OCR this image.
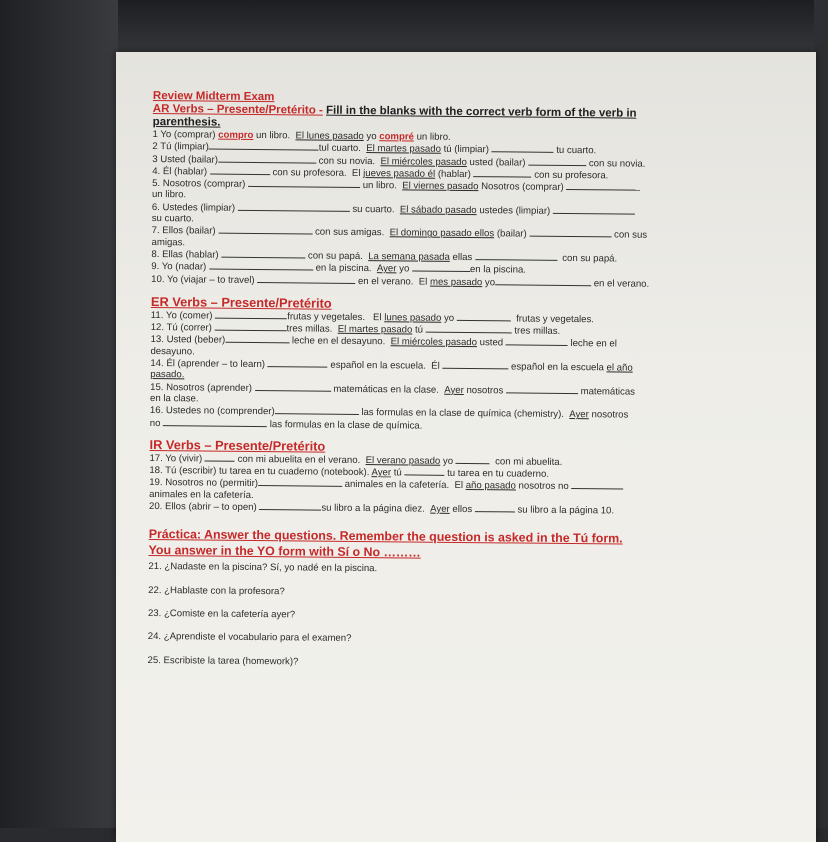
Review Midterm Exam
AR Verbs – Presente/Pretérito - Fill in the blanks with the correct verb form of the verb in parenthesis.
1 Yo (comprar) compro un libro. El lunes pasado yo compré un libro.
2 Tú (limpiar)	tul cuarto. El martes pasado tú (limpiar)	tu cuarto.
3 Usted (bailar)	con su novia. El miércoles pasado usted (bailar)	con su novia.
4. Él (hablar)	con su profesora. El jueves pasado él (hablar)	con su profesora.
5. Nosotros (comprar)	un libro. El viernes pasado Nosotros (comprar)
un libro.
6. Ustedes (limpiar)	su cuarto. El sábado pasado ustedes (limpiar)
su cuarto.
7. Ellos (bailar)	con sus amigas. El domingo pasado ellos (bailar)	con sus
amigas.
8. Ellas (hablar)	con su papá. La semana pasada ellas	con su papá.
9. Yo (nadar)	en la piscina. Ayer yo	en la piscina.
10. Yo (viajar – to travel)	en el verano. El mes pasado yo	en el verano.
ER Verbs – Presente/Pretérito
11. Yo (comer)	frutas y vegetales. El lunes pasado yo	frutas y vegetales.
12. Tú (correr)	tres millas. El martes pasado tú	tres millas.
13. Usted (beber)	leche en el desayuno. El miércoles pasado usted	leche en el
desayuno.
14. Él (aprender – to learn)	español en la escuela. Él	español en la escuela el año
pasado.
15. Nosotros (aprender)	matemáticas en la clase. Ayer nosotros	matemáticas
en la clase.
16. Ustedes no (comprender)	las formulas en la clase de química (chemistry). Ayer nosotros
no	las formulas en la clase de química.
IR Verbs – Presente/Pretérito
17. Yo (vivir)	con mi abuelita en el verano. El verano pasado yo	con mi abuelita.
18. Tú (escribir) tu tarea en tu cuaderno (notebook). Ayer tú	tu tarea en tu cuaderno.
19. Nosotros no (permitir)	animales en la cafetería. El año pasado nosotros no
animales en la cafetería.
20. Ellos (abrir – to open)	su libro a la página diez. Ayer ellos	su libro a la página 10.
Práctica: Answer the questions. Remember the question is asked in the Tú form.
You answer in the YO form with Sí o No ………
21. ¿Nadaste en la piscina? Sí, yo nadé en la piscina.
22. ¿Hablaste con la profesora?
23. ¿Comiste en la cafetería ayer?
24. ¿Aprendiste el vocabulario para el examen?
25. Escribiste la tarea (homework)?
